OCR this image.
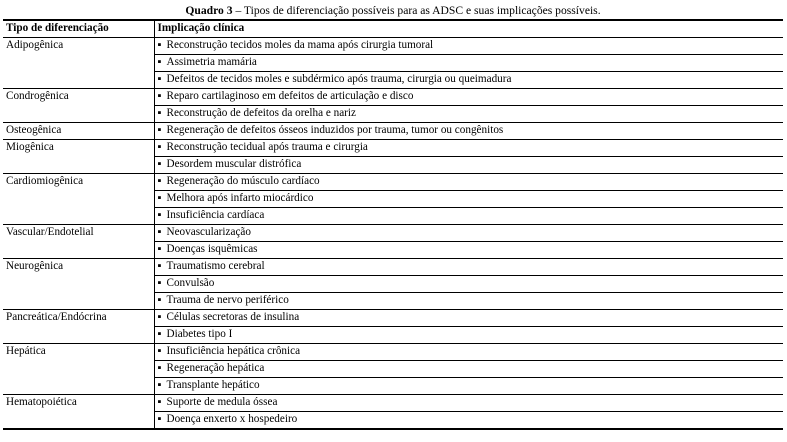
Quadro 3 – Tipos de diferenciação possíveis para as ADSC e suas implicações possíveis.
Tipo de diferenciação	Implicação clínica
Adipogênica	▪ Reconstrução tecidos moles da mama após cirurgia tumoral
	▪ Assimetria mamária
	▪ Defeitos de tecidos moles e subdérmico após trauma, cirurgia ou queimadura
Condrogênica	▪ Reparo cartilaginoso em defeitos de articulação e disco
	▪ Reconstrução de defeitos da orelha e nariz
Osteogênica	▪ Regeneração de defeitos ósseos induzidos por trauma, tumor ou congênitos
Miogênica	▪ Reconstrução tecidual após trauma e cirurgia
	▪ Desordem muscular distrófica
Cardiomiogênica	▪ Regeneração do músculo cardíaco
	▪ Melhora após infarto miocárdico
	▪ Insuficiência cardíaca
Vascular/Endotelial	▪ Neovascularização
	▪ Doenças isquêmicas
Neurogênica	▪ Traumatismo cerebral
	▪ Convulsão
	▪ Trauma de nervo periférico
Pancreática/Endócrina	▪ Células secretoras de insulina
	▪ Diabetes tipo I
Hepática	▪ Insuficiência hepática crônica
	▪ Regeneração hepática
	▪ Transplante hepático
Hematopoiética	▪ Suporte de medula óssea
	▪ Doença enxerto x hospedeiro
